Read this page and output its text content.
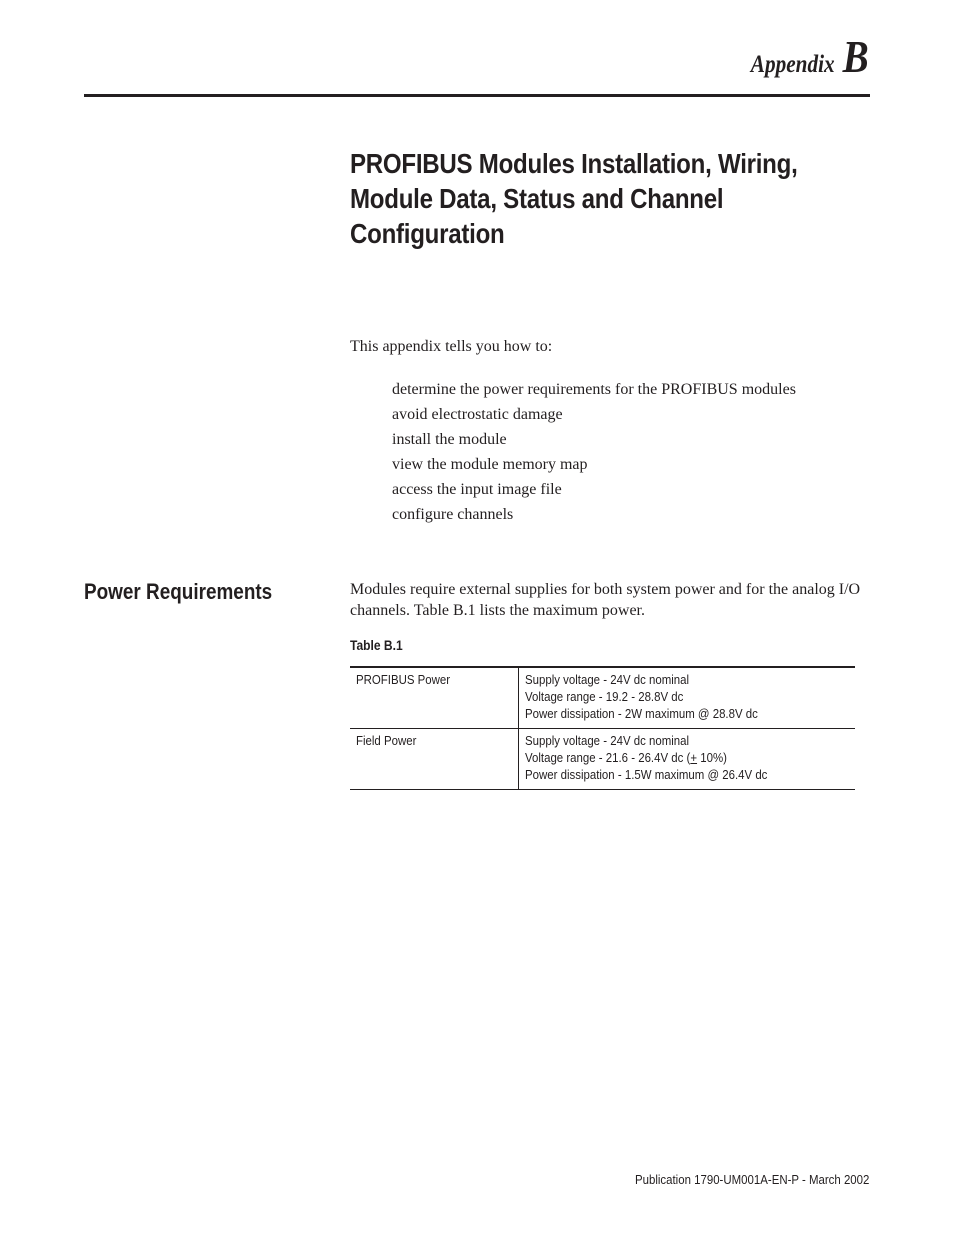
Appendix B
PROFIBUS Modules Installation, Wiring,
Module Data, Status and Channel
Configuration
This appendix tells you how to:
determine the power requirements for the PROFIBUS modules
avoid electrostatic damage
install the module
view the module memory map
access the input image file
configure channels
Power Requirements	Modules require external supplies for both system power and for the analog I/O channels. Table B.1 lists the maximum power.

Table B.1
PROFIBUS Power	Supply voltage - 24V dc nominal
Voltage range - 19.2 - 28.8V dc
Power dissipation - 2W maximum @ 28.8V dc

Field Power	Supply voltage - 24V dc nominal
Voltage range - 21.6 - 26.4V dc (+ 10%)
Power dissipation - 1.5W maximum @ 26.4V dc
Publication 1790-UM001A-EN-P - March 2002
